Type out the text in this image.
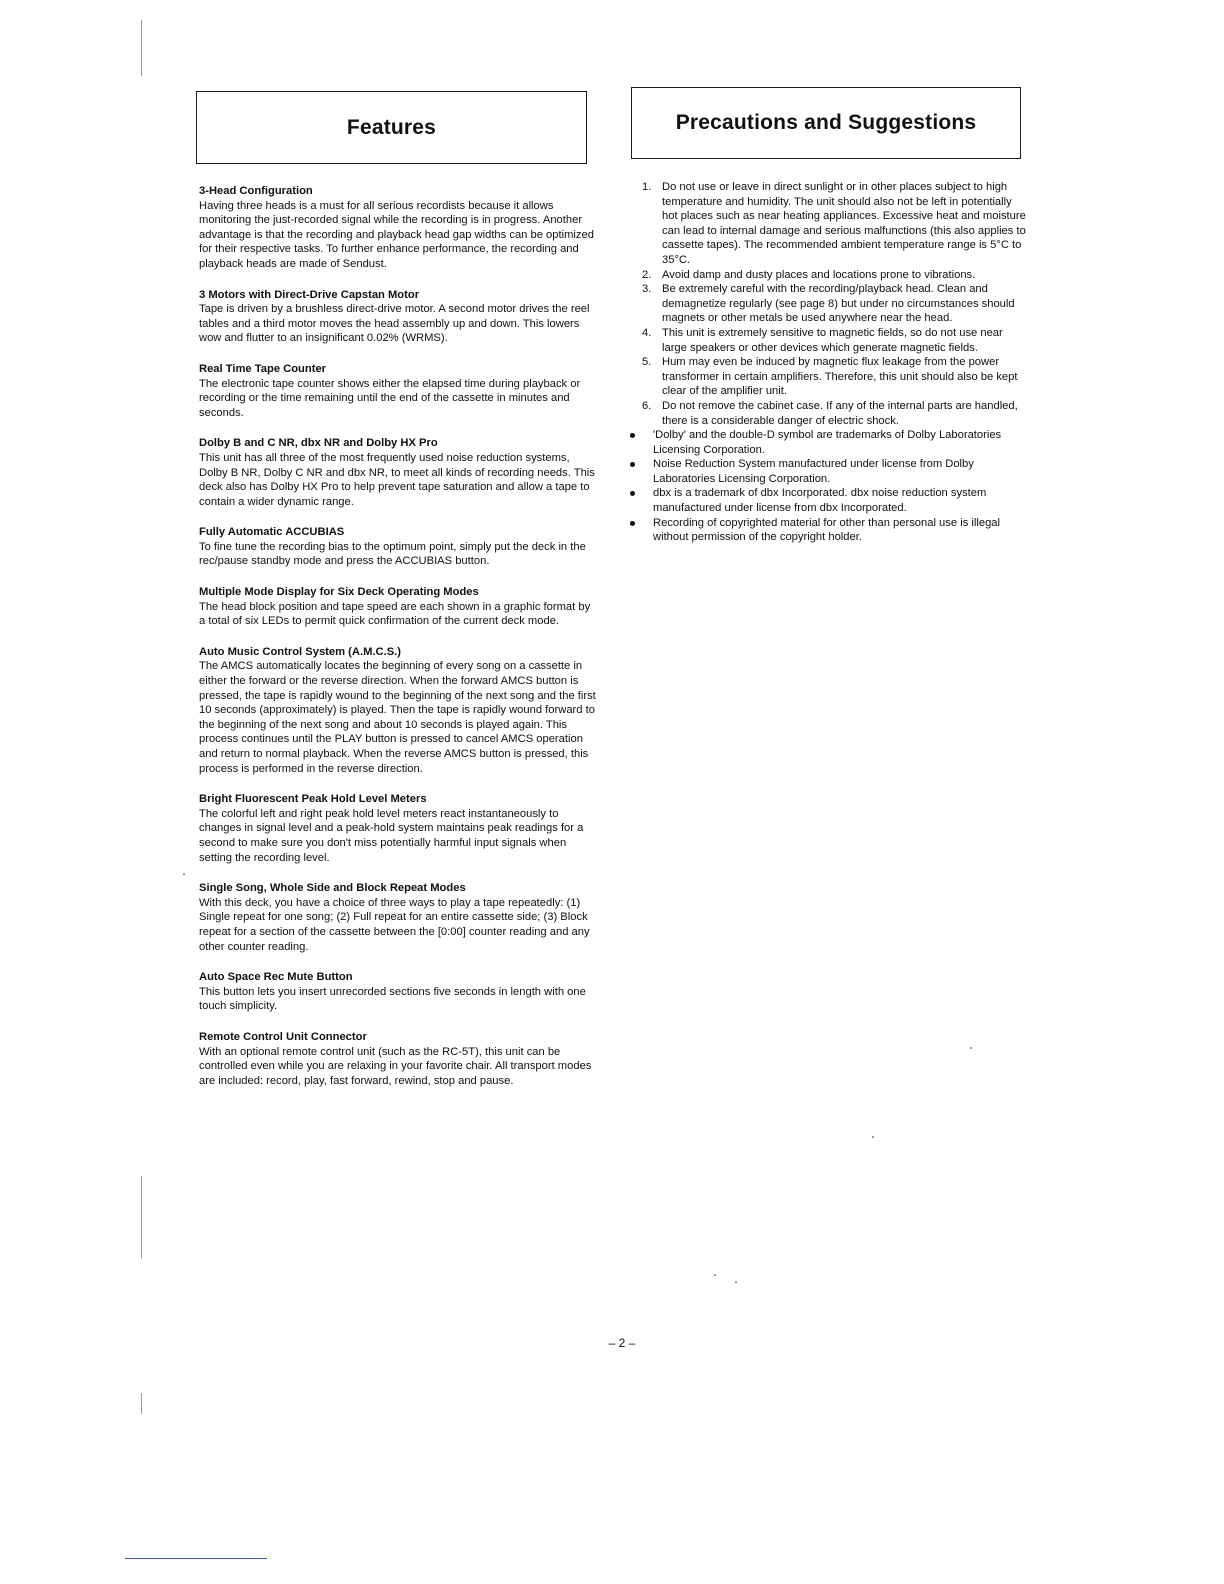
Features	Precautions and Suggestions
3-Head Configuration

Having three heads is a must for all serious recordists because it allows monitoring the just-recorded signal while the recording is in progress. Another advantage is that the recording and playback head gap widths can be optimized for their respective tasks. To further enhance performance, the recording and playback heads are made of Sendust.

3 Motors with Direct-Drive Capstan Motor

Tape is driven by a brushless direct-drive motor. A second motor drives the reel tables and a third motor moves the head assembly up and down. This lowers wow and flutter to an insignificant 0.02% (WRMS).

Real Time Tape Counter

The electronic tape counter shows either the elapsed time during playback or recording or the time remaining until the end of the cassette in minutes and seconds.

Dolby B and C NR, dbx NR and Dolby HX Pro

This unit has all three of the most frequently used noise reduction systems, Dolby B NR, Dolby C NR and dbx NR, to meet all kinds of recording needs. This deck also has Dolby HX Pro to help prevent tape saturation and allow a tape to contain a wider dynamic range.

Fully Automatic ACCUBIAS

To fine tune the recording bias to the optimum point, simply put the deck in the rec/pause standby mode and press the ACCUBIAS button.

Multiple Mode Display for Six Deck Operating Modes

The head block position and tape speed are each shown in a graphic format by a total of six LEDs to permit quick confirmation of the current deck mode.

Auto Music Control System (A.M.C.S.)

The AMCS automatically locates the beginning of every song on a cassette in either the forward or the reverse direction. When the forward AMCS button is pressed, the tape is rapidly wound to the beginning of the next song and the first 10 seconds (approximately) is played. Then the tape is rapidly wound forward to the beginning of the next song and about 10 seconds is played again. This process continues until the PLAY button is pressed to cancel AMCS operation and return to normal playback. When the reverse AMCS button is pressed, this process is performed in the reverse direction.

Bright Fluorescent Peak Hold Level Meters

The colorful left and right peak hold level meters react instantaneously to changes in signal level and a peak-hold system maintains peak readings for a second to make sure you don't miss potentially harmful input signals when setting the recording level.

Single Song, Whole Side and Block Repeat Modes

With this deck, you have a choice of three ways to play a tape repeatedly: (1) Single repeat for one song; (2) Full repeat for an entire cassette side; (3) Block repeat for a section of the cassette between the [0:00] counter reading and any other counter reading.

Auto Space Rec Mute Button

This button lets you insert unrecorded sections five seconds in length with one touch simplicity.

Remote Control Unit Connector

With an optional remote control unit (such as the RC-5T), this unit can be controlled even while you are relaxing in your favorite chair. All transport modes are included: record, play, fast forward, rewind, stop and pause.

1. Do not use or leave in direct sunlight or in other places subject to high temperature and humidity. The unit should also not be left in potentially hot places such as near heating appliances. Excessive heat and moisture can lead to internal damage and serious malfunctions (this also applies to cassette tapes). The recommended ambient temperature range is 5°C to 35°C.
2. Avoid damp and dusty places and locations prone to vibrations.
3. Be extremely careful with the recording/playback head. Clean and demagnetize regularly (see page 8) but under no circumstances should magnets or other metals be used anywhere near the head.
4. This unit is extremely sensitive to magnetic fields, so do not use near large speakers or other devices which generate magnetic fields.
5. Hum may even be induced by magnetic flux leakage from the power transformer in certain amplifiers. Therefore, this unit should also be kept clear of the amplifier unit.
6. Do not remove the cabinet case. If any of the internal parts are handled, there is a considerable danger of electric shock.
'Dolby' and the double-D symbol are trademarks of Dolby Laboratories Licensing Corporation.
Noise Reduction System manufactured under license from Dolby Laboratories Licensing Corporation.
dbx is a trademark of dbx Incorporated. dbx noise reduction system manufactured under license from dbx Incorporated.
Recording of copyrighted material for other than personal use is illegal without permission of the copyright holder.
– 2 –
